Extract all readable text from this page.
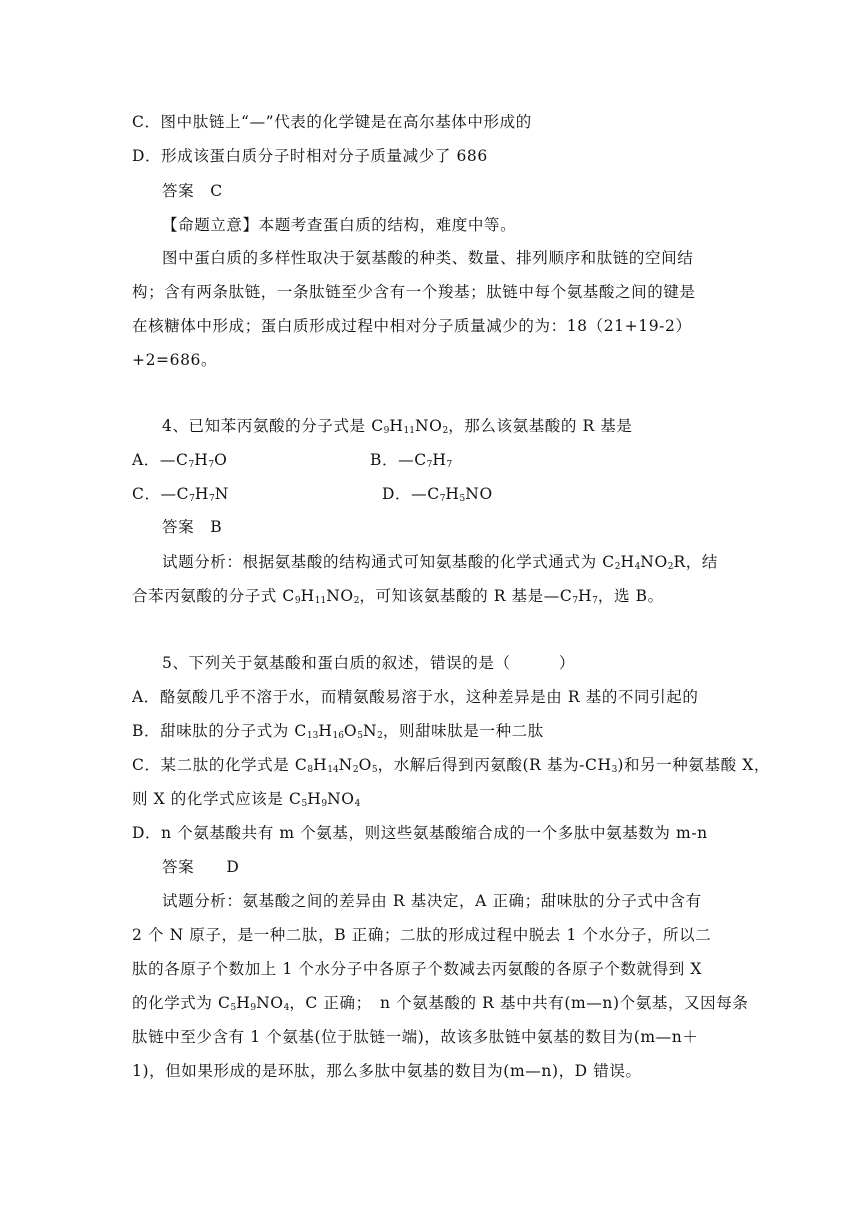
C．图中肽链上“—”代表的化学键是在高尔基体中形成的
D．形成该蛋白质分子时相对分子质量减少了 686
答案　C
【命题立意】本题考查蛋白质的结构，难度中等。
图中蛋白质的多样性取决于氨基酸的种类、数量、排列顺序和肽链的空间结
构；含有两条肽链，一条肽链至少含有一个羧基；肽链中每个氨基酸之间的键是
在核糖体中形成；蛋白质形成过程中相对分子质量减少的为：18（21+19-2）
+2=686。
4、已知苯丙氨酸的分子式是 $C_9H_{11}NO_2$，那么该氨基酸的 R 基是
A．$—C_7H_7O$	B．$—C_7H_7$
C．$—C_7H_7N$	D．$—C_7H_5NO$
答案　B
试题分析：根据氨基酸的结构通式可知氨基酸的化学式通式为 $C_2H_4NO_2R$，结
合苯丙氨酸的分子式 $C_9H_{11}NO_2$，可知该氨基酸的 R 基是$—C_7H_7$，选 B。
5、下列关于氨基酸和蛋白质的叙述，错误的是（　　　）
A．酪氨酸几乎不溶于水，而精氨酸易溶于水，这种差异是由 R 基的不同引起的
B．甜味肽的分子式为 $C_{13}H_{16}O_5N_2$，则甜味肽是一种二肽
C．某二肽的化学式是 $C_8H_{14}N_2O_5$，水解后得到丙氨酸(R 基为$-CH_3$)和另一种氨基酸 X，
则 X 的化学式应该是 $C_5H_9NO_4$
D．n 个氨基酸共有 m 个氨基，则这些氨基酸缩合成的一个多肽中氨基数为 m-n
答案　　D
试题分析：氨基酸之间的差异由 R 基决定，A 正确；甜味肽的分子式中含有
2 个 N 原子，是一种二肽，B 正确；二肽的形成过程中脱去 1 个水分子，所以二
肽的各原子个数加上 1 个水分子中各原子个数减去丙氨酸的各原子个数就得到 X
的化学式为 $C_5H_9NO_4$，C 正确；　n 个氨基酸的 R 基中共有(m—n)个氨基，又因每条
肽链中至少含有 1 个氨基(位于肽链一端)，故该多肽链中氨基的数目为(m—n＋
1)，但如果形成的是环肽，那么多肽中氨基的数目为(m—n)，D 错误。
